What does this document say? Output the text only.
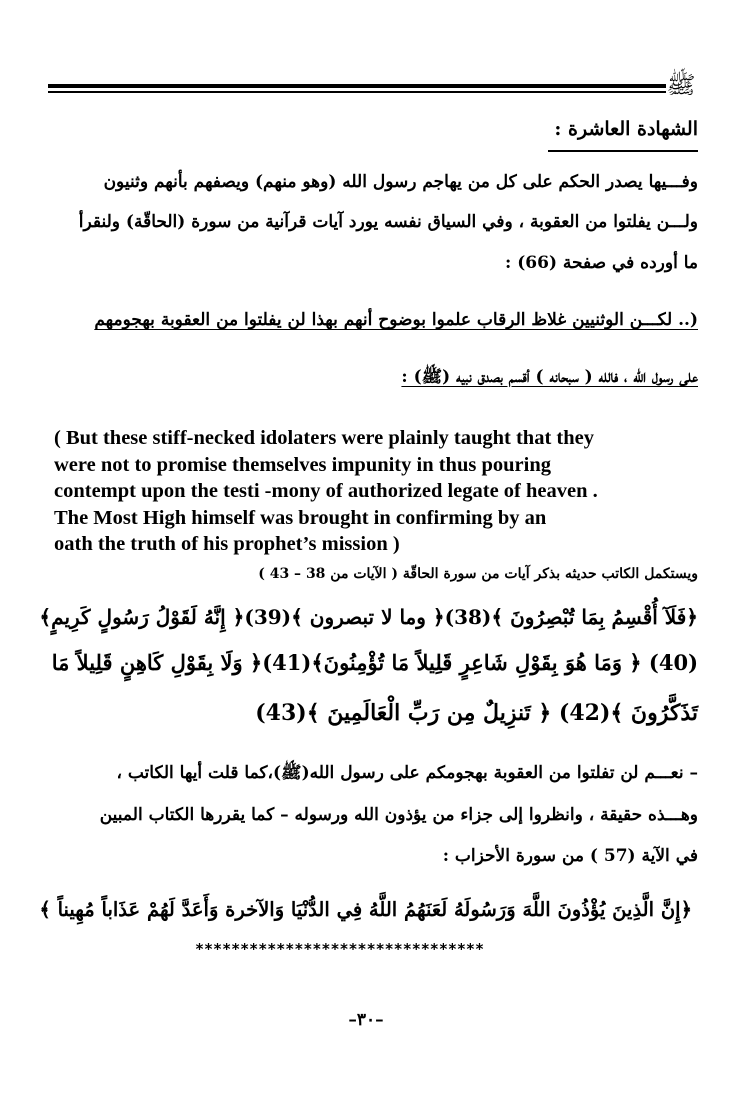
ﷺ
الشهادة العاشرة :
وفـــيها يصدر الحكم على كل من يهاجم رسول الله (وهو منهم) ويصفهم بأنهم وثنيون
ولـــن يفلتوا من العقوبة ، وفي السياق نفسه يورد آيات قرآنية من سورة (الحاقّة) ولنقرأ
ما أورده في صفحة (66) :
(.. لكـــن الوثنيين غلاظ الرقاب علموا بوضوح أنهم بهذا لن يفلتوا من العقوبة بهجومهم
على رسول الله ، فالله ( سبحانه ) أقسم بصدق نبيه (ﷺ) :
( But these stiff-necked idolaters were plainly taught that they
were not to promise themselves impunity in thus pouring
contempt upon the testi -mony of authorized legate of heaven .
The Most High himself was brought in confirming by an
oath the truth of his prophet’s mission )
ويستكمل الكاتب حديثه بذكر آيات من سورة الحاقّة ( الآيات من 38 – 43 )
﴿فَلَآ أُقْسِمُ بِمَا تُبْصِرُونَ ﴾(38)﴿ وما لا تبصرون ﴾(39)﴿ إِنَّهُ لَقَوْلُ رَسُولٍ كَرِيمٍ﴾
(40) ﴿ وَمَا هُوَ بِقَوْلِ شَاعِرٍ قَلِيلاً مَا تُؤْمِنُونَ﴾(41)﴿ وَلَا بِقَوْلِ كَاهِنٍ قَلِيلاً مَا
تَذَكَّرُونَ ﴾(42) ﴿ تَنزِيلٌ مِن رَبِّ الْعَالَمِينَ ﴾(43)
– نعـــم لن تفلتوا من العقوبة بهجومكم على رسول الله(ﷺ)،كما قلت أيها الكاتب ،
وهـــذه حقيقة ، وانظروا إلى جزاء من يؤذون الله ورسوله – كما يقررها الكتاب المبين
في الآية (57 ) من سورة الأحزاب :
﴿إِنَّ الَّذِينَ يُؤْذُونَ اللَّهَ وَرَسُولَهُ لَعَنَهُمُ اللَّهُ فِي الدُّنْيَا وَالآخرة وَأَعَدَّ لَهُمْ عَذَاباً مُهِيناً ﴾
********************************
–٣٠–
